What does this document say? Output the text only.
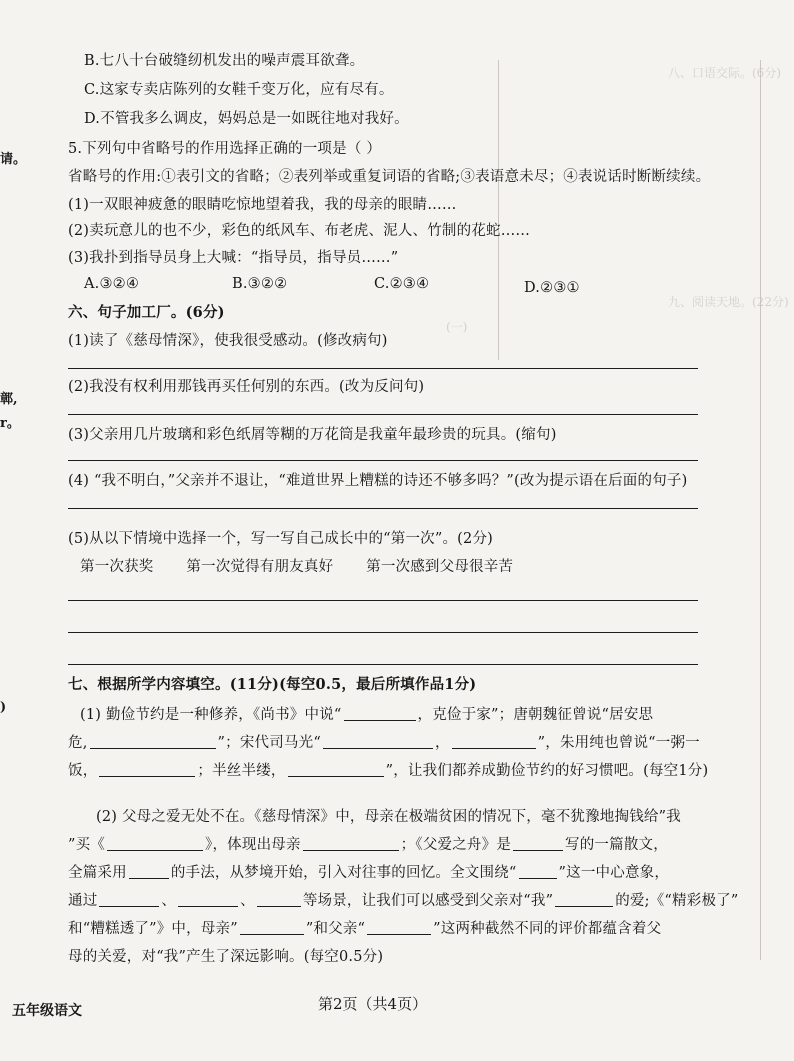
八、口语交际。(6分)
九、阅读天地。(22分)
(一)
请。
鄣,
r。
)
B.七八十台破缝纫机发出的噪声震耳欲聋。
C.这家专卖店陈列的女鞋千变万化，应有尽有。
D.不管我多么调皮，妈妈总是一如既往地对我好。
5.下列句中省略号的作用选择正确的一项是（ ）
省略号的作用:①表引文的省略；②表列举或重复词语的省略;③表语意未尽；④表说话时断断续续。
(1)一双眼神疲惫的眼睛吃惊地望着我，我的母亲的眼睛……
(2)卖玩意儿的也不少，彩色的纸风车、布老虎、泥人、竹制的花蛇……
(3)我扑到指导员身上大喊：“指导员，指导员……”
A.③②④	B.③②②	C.②③④	D.②③①
六、句子加工厂。(6分)
(1)读了《慈母情深》，使我很受感动。(修改病句)
(2)我没有权利用那钱再买任何别的东西。(改为反问句)
(3)父亲用几片玻璃和彩色纸屑等糊的万花筒是我童年最珍贵的玩具。(缩句)
(4) “我不明白，”父亲并不退让，“难道世界上糟糕的诗还不够多吗？”(改为提示语在后面的句子)
(5)从以下情境中选择一个，写一写自己成长中的“第一次”。(2分)
第一次获奖 第一次觉得有朋友真好 第一次感到父母很辛苦
七、根据所学内容填空。(11分)(每空0.5，最后所填作品1分)
(1) 勤俭节约是一种修养，《尚书》中说“	，克俭于家”；唐朝魏征曾说“居安思
危,	”；宋代司马光“	，	”，朱用纯也曾说“一粥一
饭，	；半丝半缕，	”，让我们都养成勤俭节约的好习惯吧。(每空1分)
(2) 父母之爱无处不在。《慈母情深》中，母亲在极端贫困的情况下，毫不犹豫地掏钱给”我
”买《	》，体现出母亲	；《父爱之舟》是	写的一篇散文，
全篇采用	的手法，从梦境开始，引入对往事的回忆。全文围绕“	”这一中心意象，
通过	、	、	等场景，让我们可以感受到父亲对“我”	的爱;《“精彩极了”
和“糟糕透了”》中，母亲”	”和父亲“	”这两种截然不同的评价都蕴含着父
母的关爱，对“我”产生了深远影响。(每空0.5分)
五年级语文	第2页（共4页）
